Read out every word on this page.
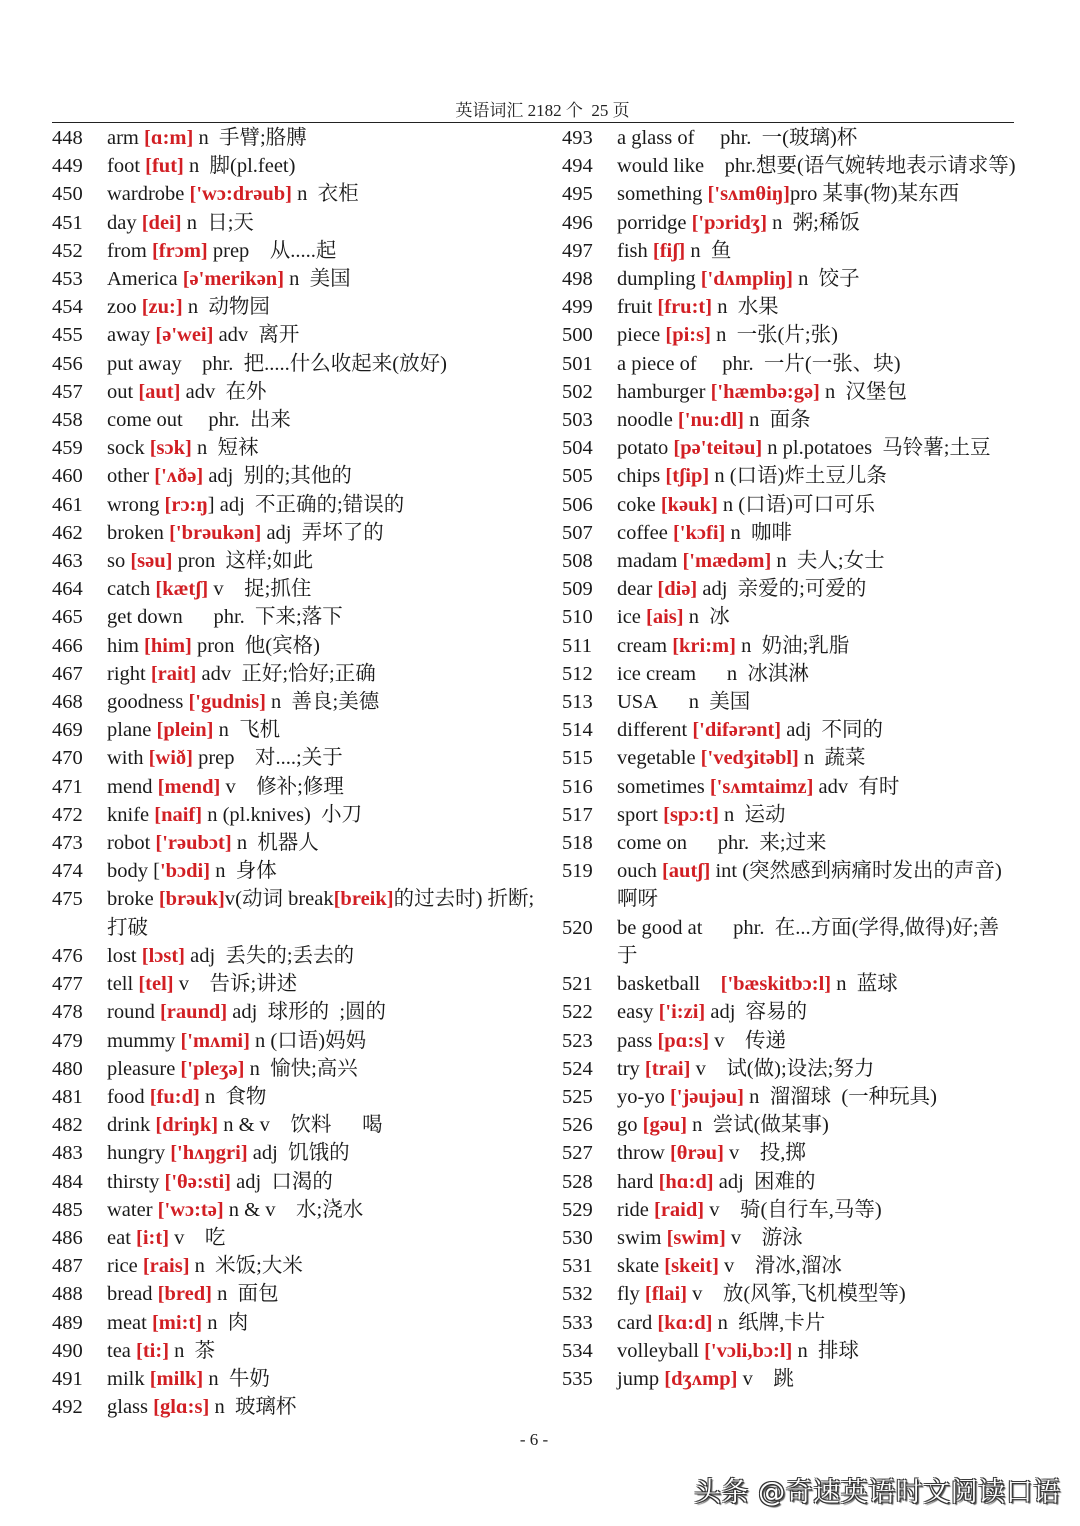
英语词汇 2182 个  25 页
448	arm [ɑ:m] n  手臂;胳膊
449	foot [fut] n  脚(pl.feet)
450	wardrobe ['wɔ:drəub] n  衣柜
451	day [dei] n  日;天
452	from [frɔm] prep    从.....起
453	America [ə'merikən] n  美国
454	zoo [zu:] n  动物园
455	away [ə'wei] adv  离开
456	put away    phr.  把.....什么收起来(放好)
457	out [aut] adv  在外
458	come out     phr.  出来
459	sock [sɔk] n  短袜
460	other ['ʌðə] adj  别的;其他的
461	wrong [rɔ:ŋ] adj  不正确的;错误的
462	broken ['brəukən] adj  弄坏了的
463	so [səu] pron  这样;如此
464	catch [kætʃ] v    捉;抓住
465	get down      phr.  下来;落下
466	him [him] pron  他(宾格)
467	right [rait] adv  正好;恰好;正确
468	goodness ['gudnis] n  善良;美德
469	plane [plein] n  飞机
470	with [wið] prep    对....;关于
471	mend [mend] v    修补;修理
472	knife [naif] n (pl.knives)  小刀
473	robot ['rəubɔt] n  机器人
474	body ['bɔdi] n  身体
475	broke [brəuk]v(动词 break[breik]的过去时) 折断;打破
476	lost [lɔst] adj  丢失的;丢去的
477	tell [tel] v    告诉;讲述
478	round [raund] adj  球形的  ;圆的
479	mummy ['mʌmi] n (口语)妈妈
480	pleasure ['pleʒə] n  愉快;高兴
481	food [fu:d] n  食物
482	drink [driŋk] n & v    饮料      喝
483	hungry ['hʌŋgri] adj  饥饿的
484	thirsty ['θə:sti] adj  口渴的
485	water ['wɔ:tə] n & v    水;浇水
486	eat [i:t] v    吃
487	rice [rais] n  米饭;大米
488	bread [bred] n  面包
489	meat [mi:t] n  肉
490	tea [ti:] n  茶
491	milk [milk] n  牛奶
492	glass [glɑ:s] n  玻璃杯
493	a glass of     phr.  一(玻璃)杯
494 would like    phr.想要(语气婉转地表示请求等)
495	something ['sʌmθiŋ]pro 某事(物)某东西
496	porridge ['pɔridʒ] n  粥;稀饭
497	fish [fiʃ] n  鱼
498	dumpling ['dʌmpliŋ] n  饺子
499	fruit [fru:t] n  水果
500	piece [pi:s] n  一张(片;张)
501	a piece of     phr.  一片(一张、块)
502	hamburger ['hæmbə:gə] n  汉堡包
503	noodle ['nu:dl] n  面条
504	potato [pə'teitəu] n pl.potatoes  马铃薯;土豆
505	chips [tʃip] n (口语)炸土豆儿条
506	coke [kəuk] n (口语)可口可乐
507	coffee ['kɔfi] n  咖啡
508	madam ['mædəm] n  夫人;女士
509	dear [diə] adj  亲爱的;可爱的
510	ice [ais] n  冰
511	cream [kri:m] n  奶油;乳脂
512	ice cream      n  冰淇淋
513	USA      n  美国
514	different ['difərənt] adj  不同的
515	vegetable ['vedʒitəbl] n  蔬菜
516	sometimes ['sʌmtaimz] adv  有时
517	sport [spɔ:t] n  运动
518	come on      phr.  来;过来
519	ouch [autʃ] int (突然感到病痛时发出的声音)啊呀
520	be good at      phr.  在...方面(学得,做得)好;善于
521	basketball ['bæskitbɔ:l] n  蓝球
522	easy ['i:zi] adj  容易的
523	pass [pɑ:s] v    传递
524	try [trai] v    试(做);设法;努力
525	yo-yo ['jəujəu] n  溜溜球  (一种玩具)
526	go [gəu] n  尝试(做某事)
527	throw [θrəu] v    投,掷
528	hard [hɑ:d] adj  困难的
529	ride [raid] v    骑(自行车,马等)
530	swim [swim] v    游泳
531	skate [skeit] v    滑冰,溜冰
532	fly [flai] v    放(风筝,飞机模型等)
533	card [kɑ:d] n  纸牌,卡片
534	volleyball ['vɔli,bɔ:l] n  排球
535	jump [dʒʌmp] v    跳
- 6 -
头条 @奇速英语时文阅读口语
